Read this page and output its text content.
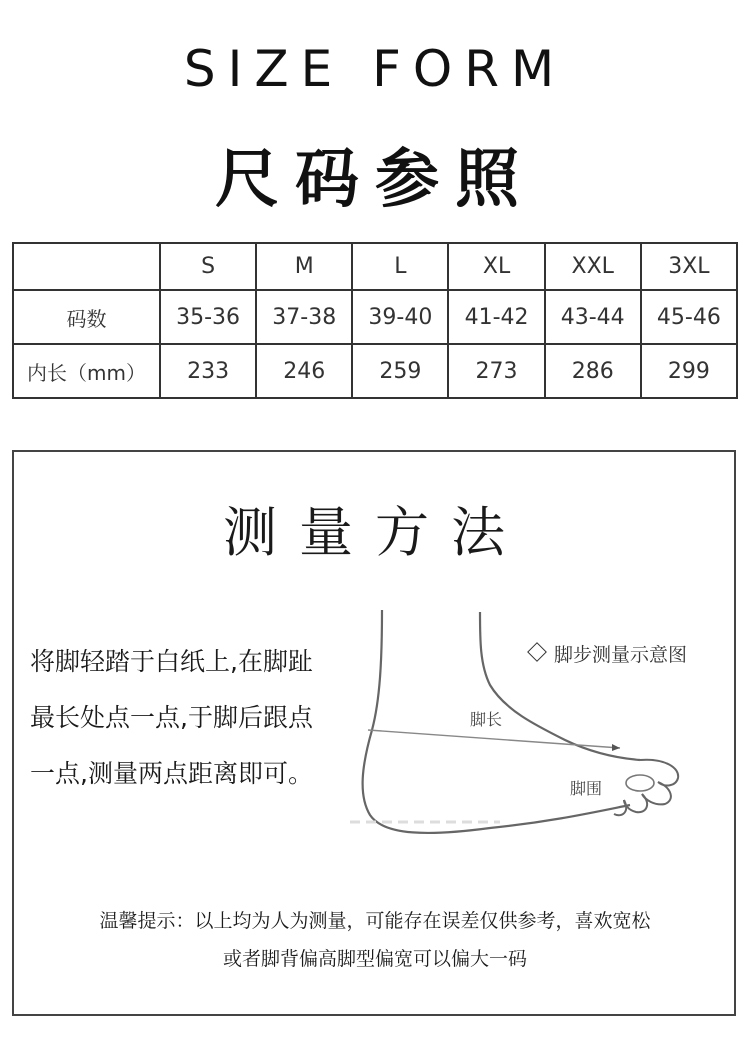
SIZE FORM
尺码参照
	S	M	L	XL	XXL	3XL
码数	35-36	37-38	39-40	41-42	43-44	45-46
内长（mm）	233	246	259	273	286	299
测量方法
将脚轻踏于白纸上,在脚趾
最长处点一点,于脚后跟点
一点,测量两点距离即可。
脚步测量示意图
脚长
脚围
温馨提示：以上均为人为测量，可能存在误差仅供参考，喜欢宽松
或者脚背偏高脚型偏宽可以偏大一码
